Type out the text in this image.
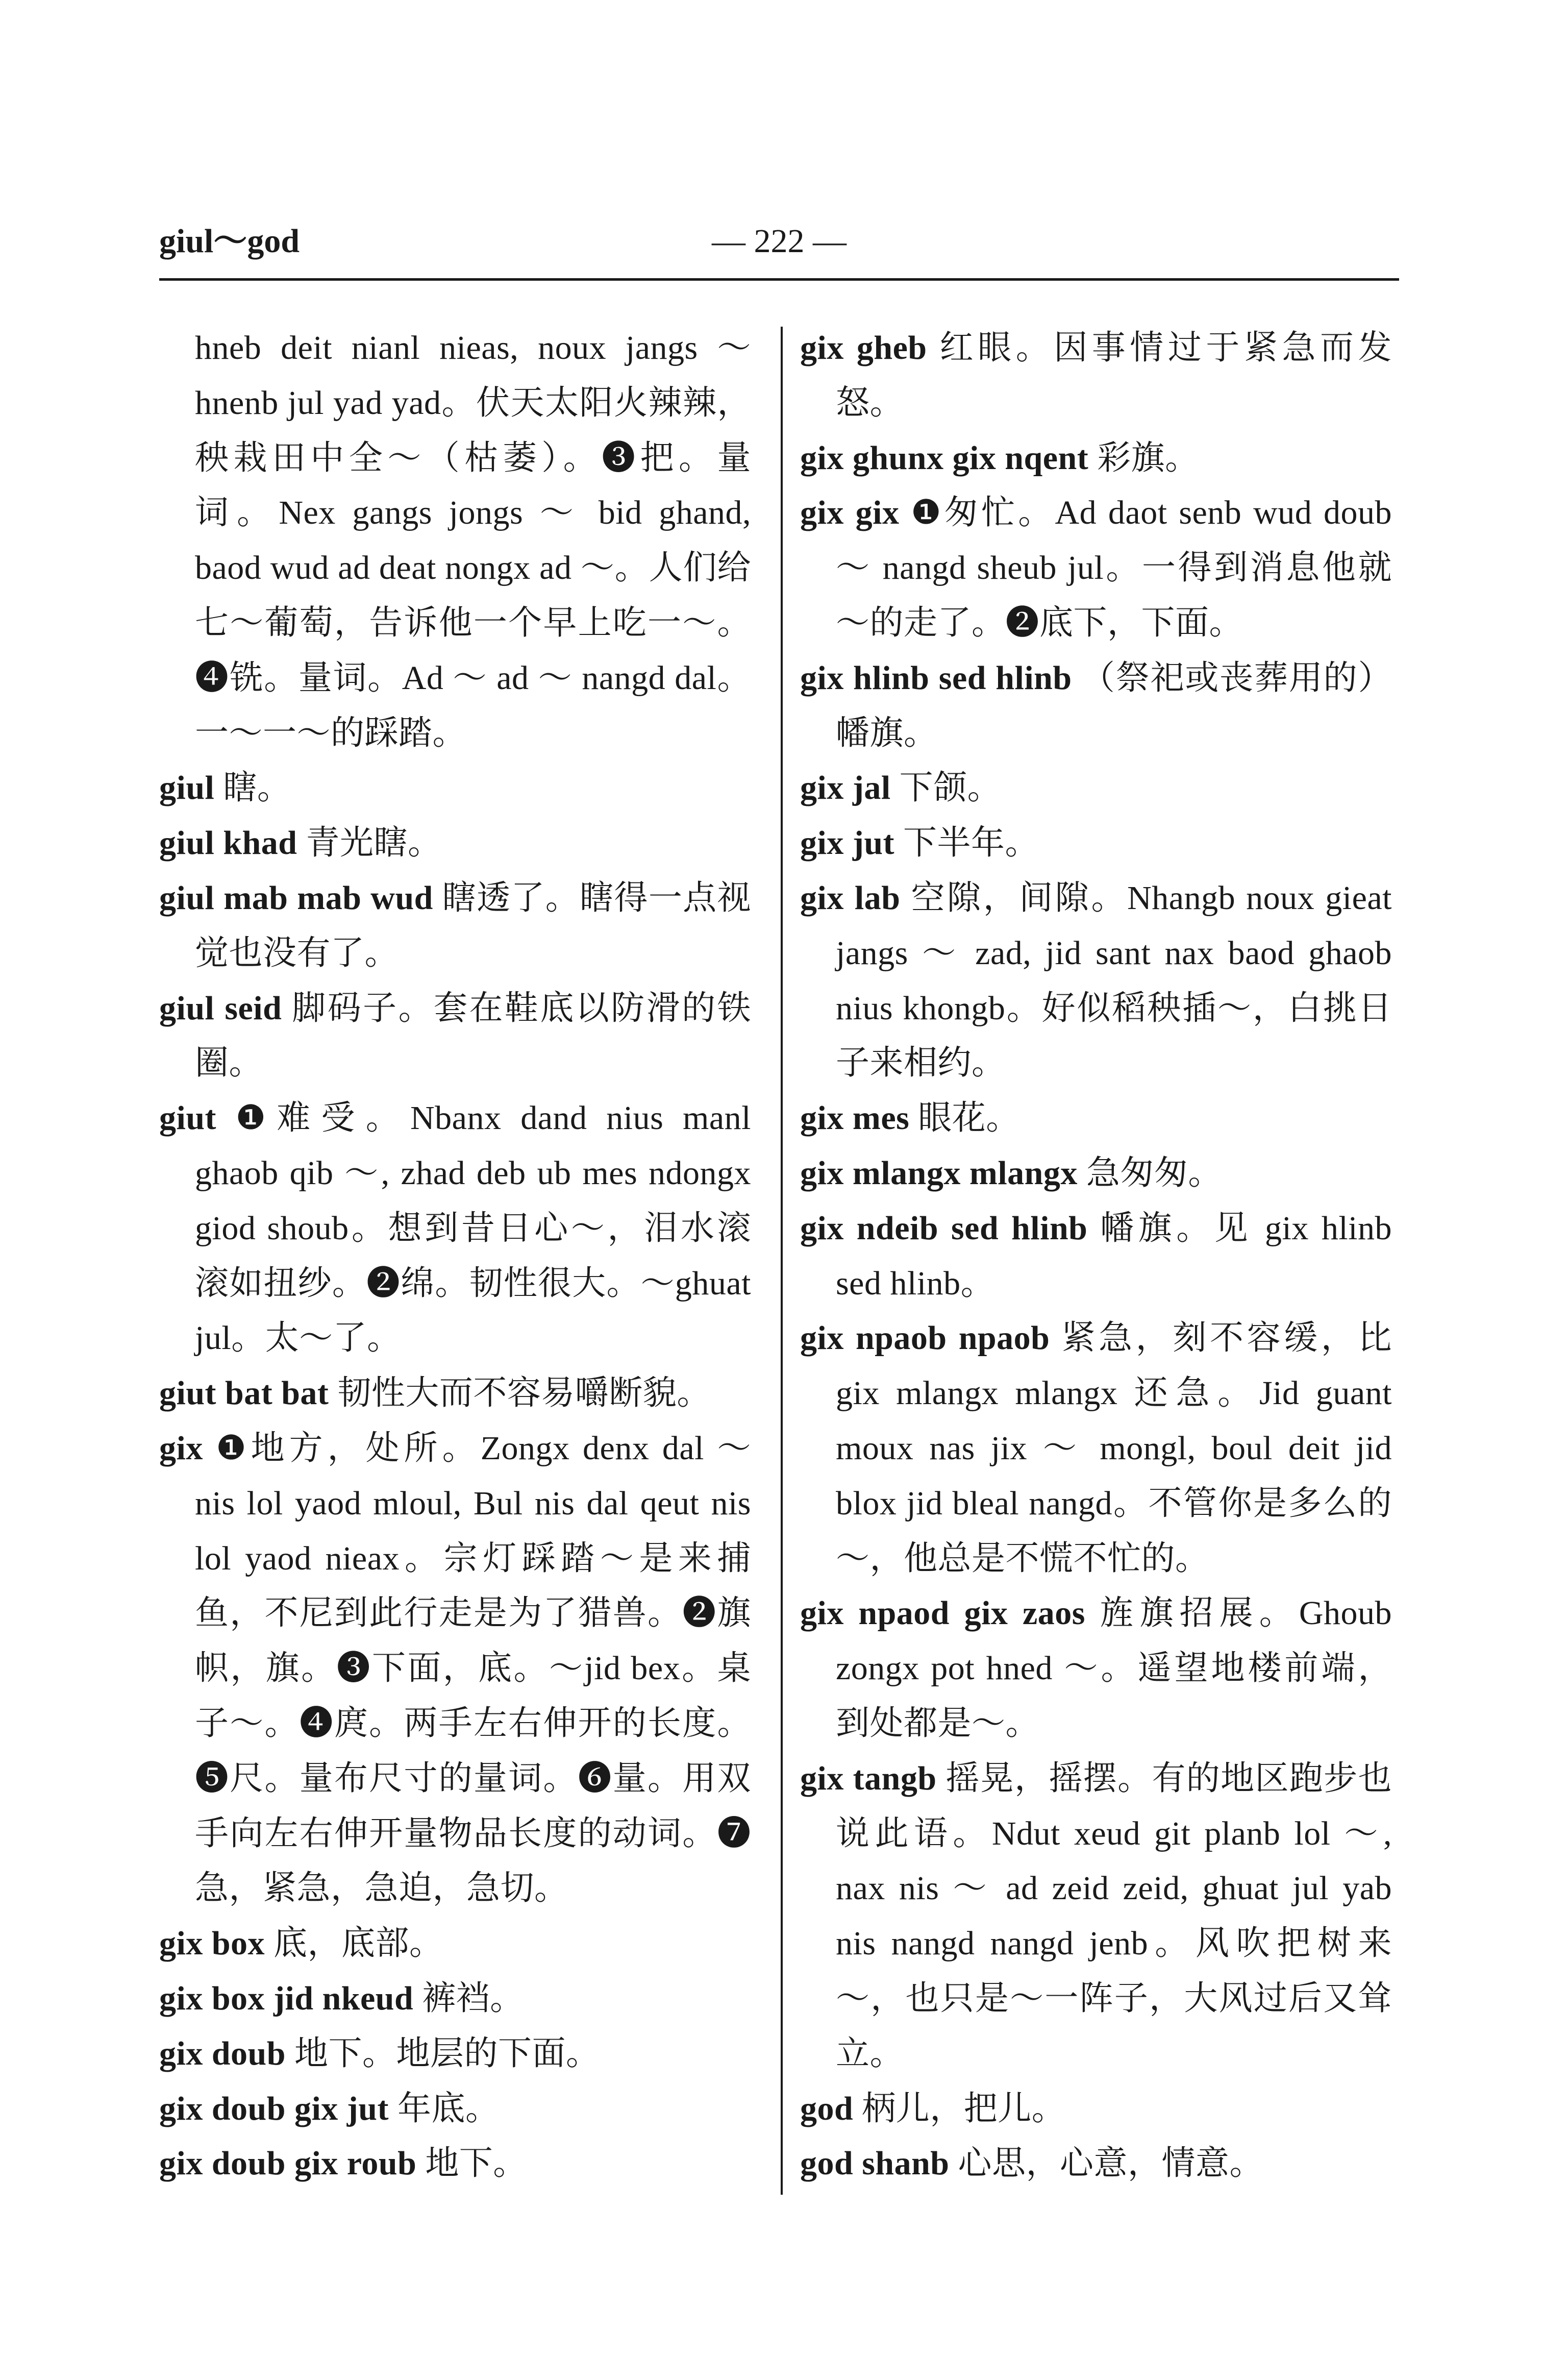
giul～god	— 222 —

hneb deit nianl nieas, noux jangs ～ hnenb jul yad yad。伏天太阳火辣辣，秧栽田中全～（枯萎）。❸把。量词。Nex gangs jongs ～ bid ghand, baod wud ad deat nongx ad ～。人们给七～葡萄，告诉他一个早上吃一～。❹铣。量词。Ad ～ ad ～ nangd dal。一～一～的踩踏。

giul 瞎。

giul khad 青光瞎。

giul mab mab wud 瞎透了。瞎得一点视觉也没有了。

giul seid 脚码子。套在鞋底以防滑的铁圈。

giut ❶难受。Nbanx dand nius manl ghaob qib ～, zhad deb ub mes ndongx giod shoub。想到昔日心～，泪水滚滚如扭纱。❷绵。韧性很大。～ghuat jul。太～了。

giut bat bat 韧性大而不容易嚼断貌。

gix ❶地方，处所。Zongx denx dal ～ nis lol yaod mloul, Bul nis dal qeut nis lol yaod nieax。宗灯踩踏～是来捕鱼，不尼到此行走是为了猎兽。❷旗帜，旗。❸下面，底。～jid bex。桌子～。❹庹。两手左右伸开的长度。❺尺。量布尺寸的量词。❻量。用双手向左右伸开量物品长度的动词。❼急，紧急，急迫，急切。

gix box 底，底部。

gix box jid nkeud 裤裆。

gix doub 地下。地层的下面。

gix doub gix jut 年底。

gix doub gix roub 地下。

gix gheb 红眼。因事情过于紧急而发怒。

gix ghunx gix nqent 彩旗。

gix gix ❶匆忙。Ad daot senb wud doub ～ nangd sheub jul。一得到消息他就～的走了。❷底下，下面。

gix hlinb sed hlinb （祭祀或丧葬用的）幡旗。

gix jal 下颌。

gix jut 下半年。

gix lab 空隙，间隙。Nhangb noux gieat jangs ～ zad, jid sant nax baod ghaob nius khongb。好似稻秧插～，白挑日子来相约。

gix mes 眼花。

gix mlangx mlangx 急匆匆。

gix ndeib sed hlinb 幡旗。见 gix hlinb sed hlinb。

gix npaob npaob 紧急，刻不容缓，比 gix mlangx mlangx 还急。Jid guant moux nas jix ～ mongl, boul deit jid blox jid bleal nangd。不管你是多么的～，他总是不慌不忙的。

gix npaod gix zaos 旌旗招展。Ghoub zongx pot hned ～。遥望地楼前端，到处都是～。

gix tangb 摇晃，摇摆。有的地区跑步也说此语。Ndut xeud git planb lol ～, nax nis ～ ad zeid zeid, ghuat jul yab nis nangd nangd jenb。风吹把树来～，也只是～一阵子，大风过后又耸立。

god 柄儿，把儿。

god shanb 心思，心意，情意。
